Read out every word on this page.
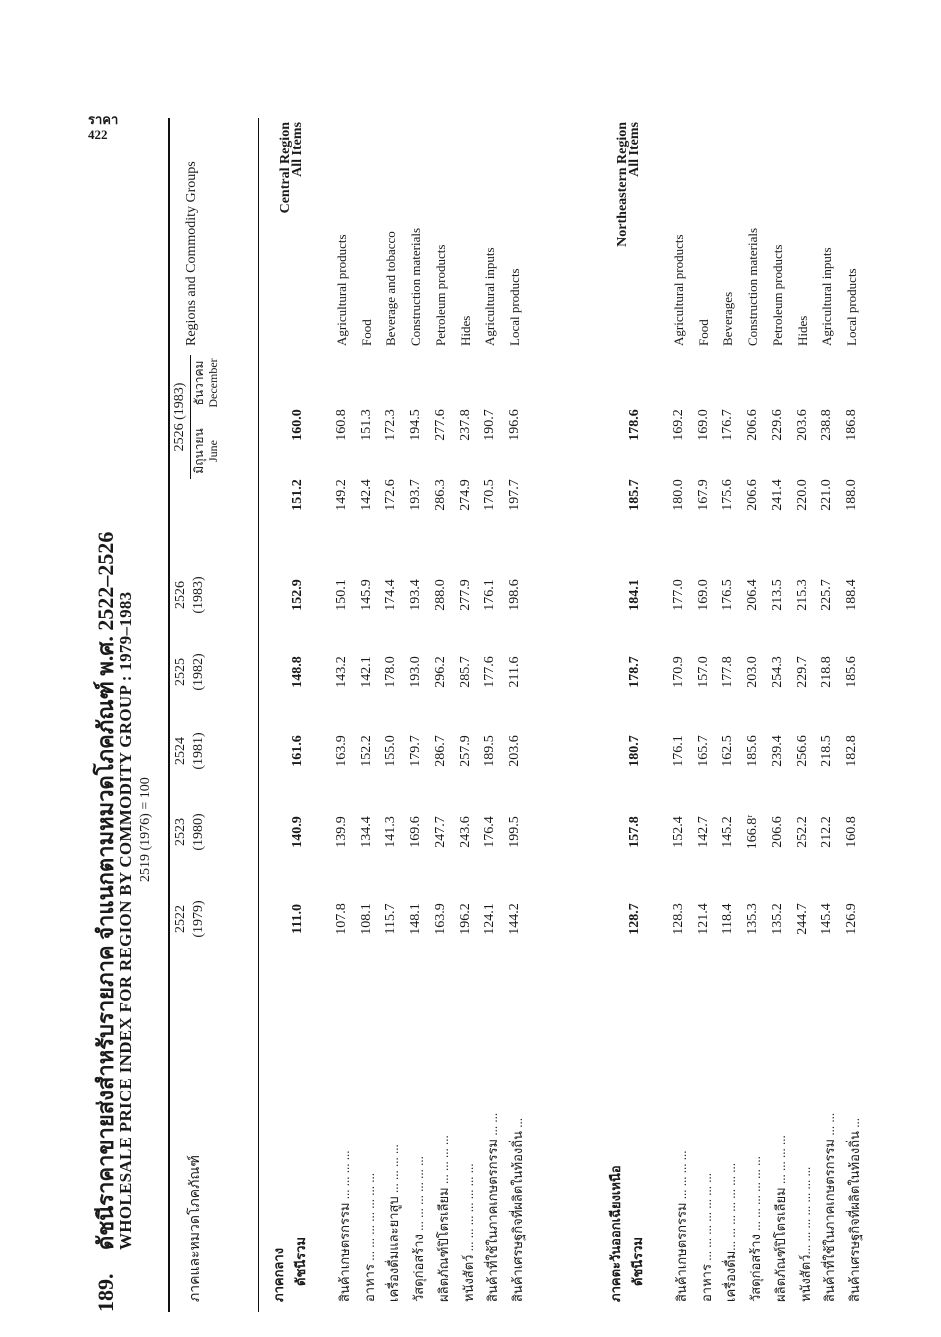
ราคา
422
189.ดัชนีราคาขายส่งสำหรับรายภาค จำแนกตามหมวดโภคภัณฑ์ พ.ศ. 2522–2526
WHOLESALE PRICE INDEX FOR REGION BY COMMODITY GROUP : 1979–1983 2519 (1976) = 100
ภาคและหมวดโภคภัณฑ์
Regions and Commodity Groups
2522 (1979)
2523 (1980)
2524 (1981)
2525 (1982)
2526 (1983)
2526 (1983)
มิถุนายน June
ธันวาคม December
ภาคกลาง
Central Region
ดัชนีรวม
All Items
111.0
140.9
161.6
148.8
152.9
151.2
160.0
สินค้าเกษตรกรรม ... ... ... ...
Agricultural products
107.8
139.9
163.9
143.2
150.1
149.2
160.8
อาหาร ... ... ... ... ... ... ...
Food
108.1
134.4
152.2
142.1
145.9
142.4
151.3
เครื่องดื่มและยาสูบ ... ... ... ...
Beverage and tobacco
115.7
141.3
155.0
178.0
174.4
172.6
172.3
วัสดุก่อสร้าง ... ... ... ... ... ...
Construction materials
148.1
169.6
179.7
193.0
193.4
193.7
194.5
ผลิตภัณฑ์ปิโตรเลียม ... ... ... ...
Petroleum products
163.9
247.7
286.7
296.2
288.0
286.3
277.6
หนังสัตว์ ... ... ... ... ... ... ...
Hides
196.2
243.6
257.9
285.7
277.9
274.9
237.8
สินค้าที่ใช้ในภาคเกษตรกรรม ... ...
Agricultural inputs
124.1
176.4
189.5
177.6
176.1
170.5
190.7
สินค้าเศรษฐกิจที่ผลิตในท้องถิ่น ...
Local products
144.2
199.5
203.6
211.6
198.6
197.7
196.6
ภาคตะวันออกเฉียงเหนือ
Northeastern Region
ดัชนีรวม
All Items
128.7
157.8
180.7
178.7
184.1
185.7
178.6
สินค้าเกษตรกรรม ... ... ... ...
Agricultural products
128.3
152.4
176.1
170.9
177.0
180.0
169.2
อาหาร ... ... ... ... ... ... ...
Food
121.4
142.7
165.7
157.0
169.0
167.9
169.0
เครื่องดื่ม... ... ... ... ... ... ...
Beverages
118.4
145.2
162.5
177.8
176.5
175.6
176.7
วัสดุก่อสร้าง ... ... ... ... ... ...
Construction materials
135.3
166.8ʳ
185.6
203.0
206.4
206.6
206.6
ผลิตภัณฑ์ปิโตรเลียม ... ... ... ...
Petroleum products
135.2
206.6
239.4
254.3
213.5
241.4
229.6
หนังสัตว์... ... ... ... ... ... ...
Hides
244.7
252.2
256.6
229.7
215.3
220.0
203.6
สินค้าที่ใช้ในภาคเกษตรกรรม ... ...
Agricultural inputs
145.4
212.2
218.5
218.8
225.7
221.0
238.8
สินค้าเศรษฐกิจที่ผลิตในท้องถิ่น ...
Local products
126.9
160.8
182.8
185.6
188.4
188.0
186.8
